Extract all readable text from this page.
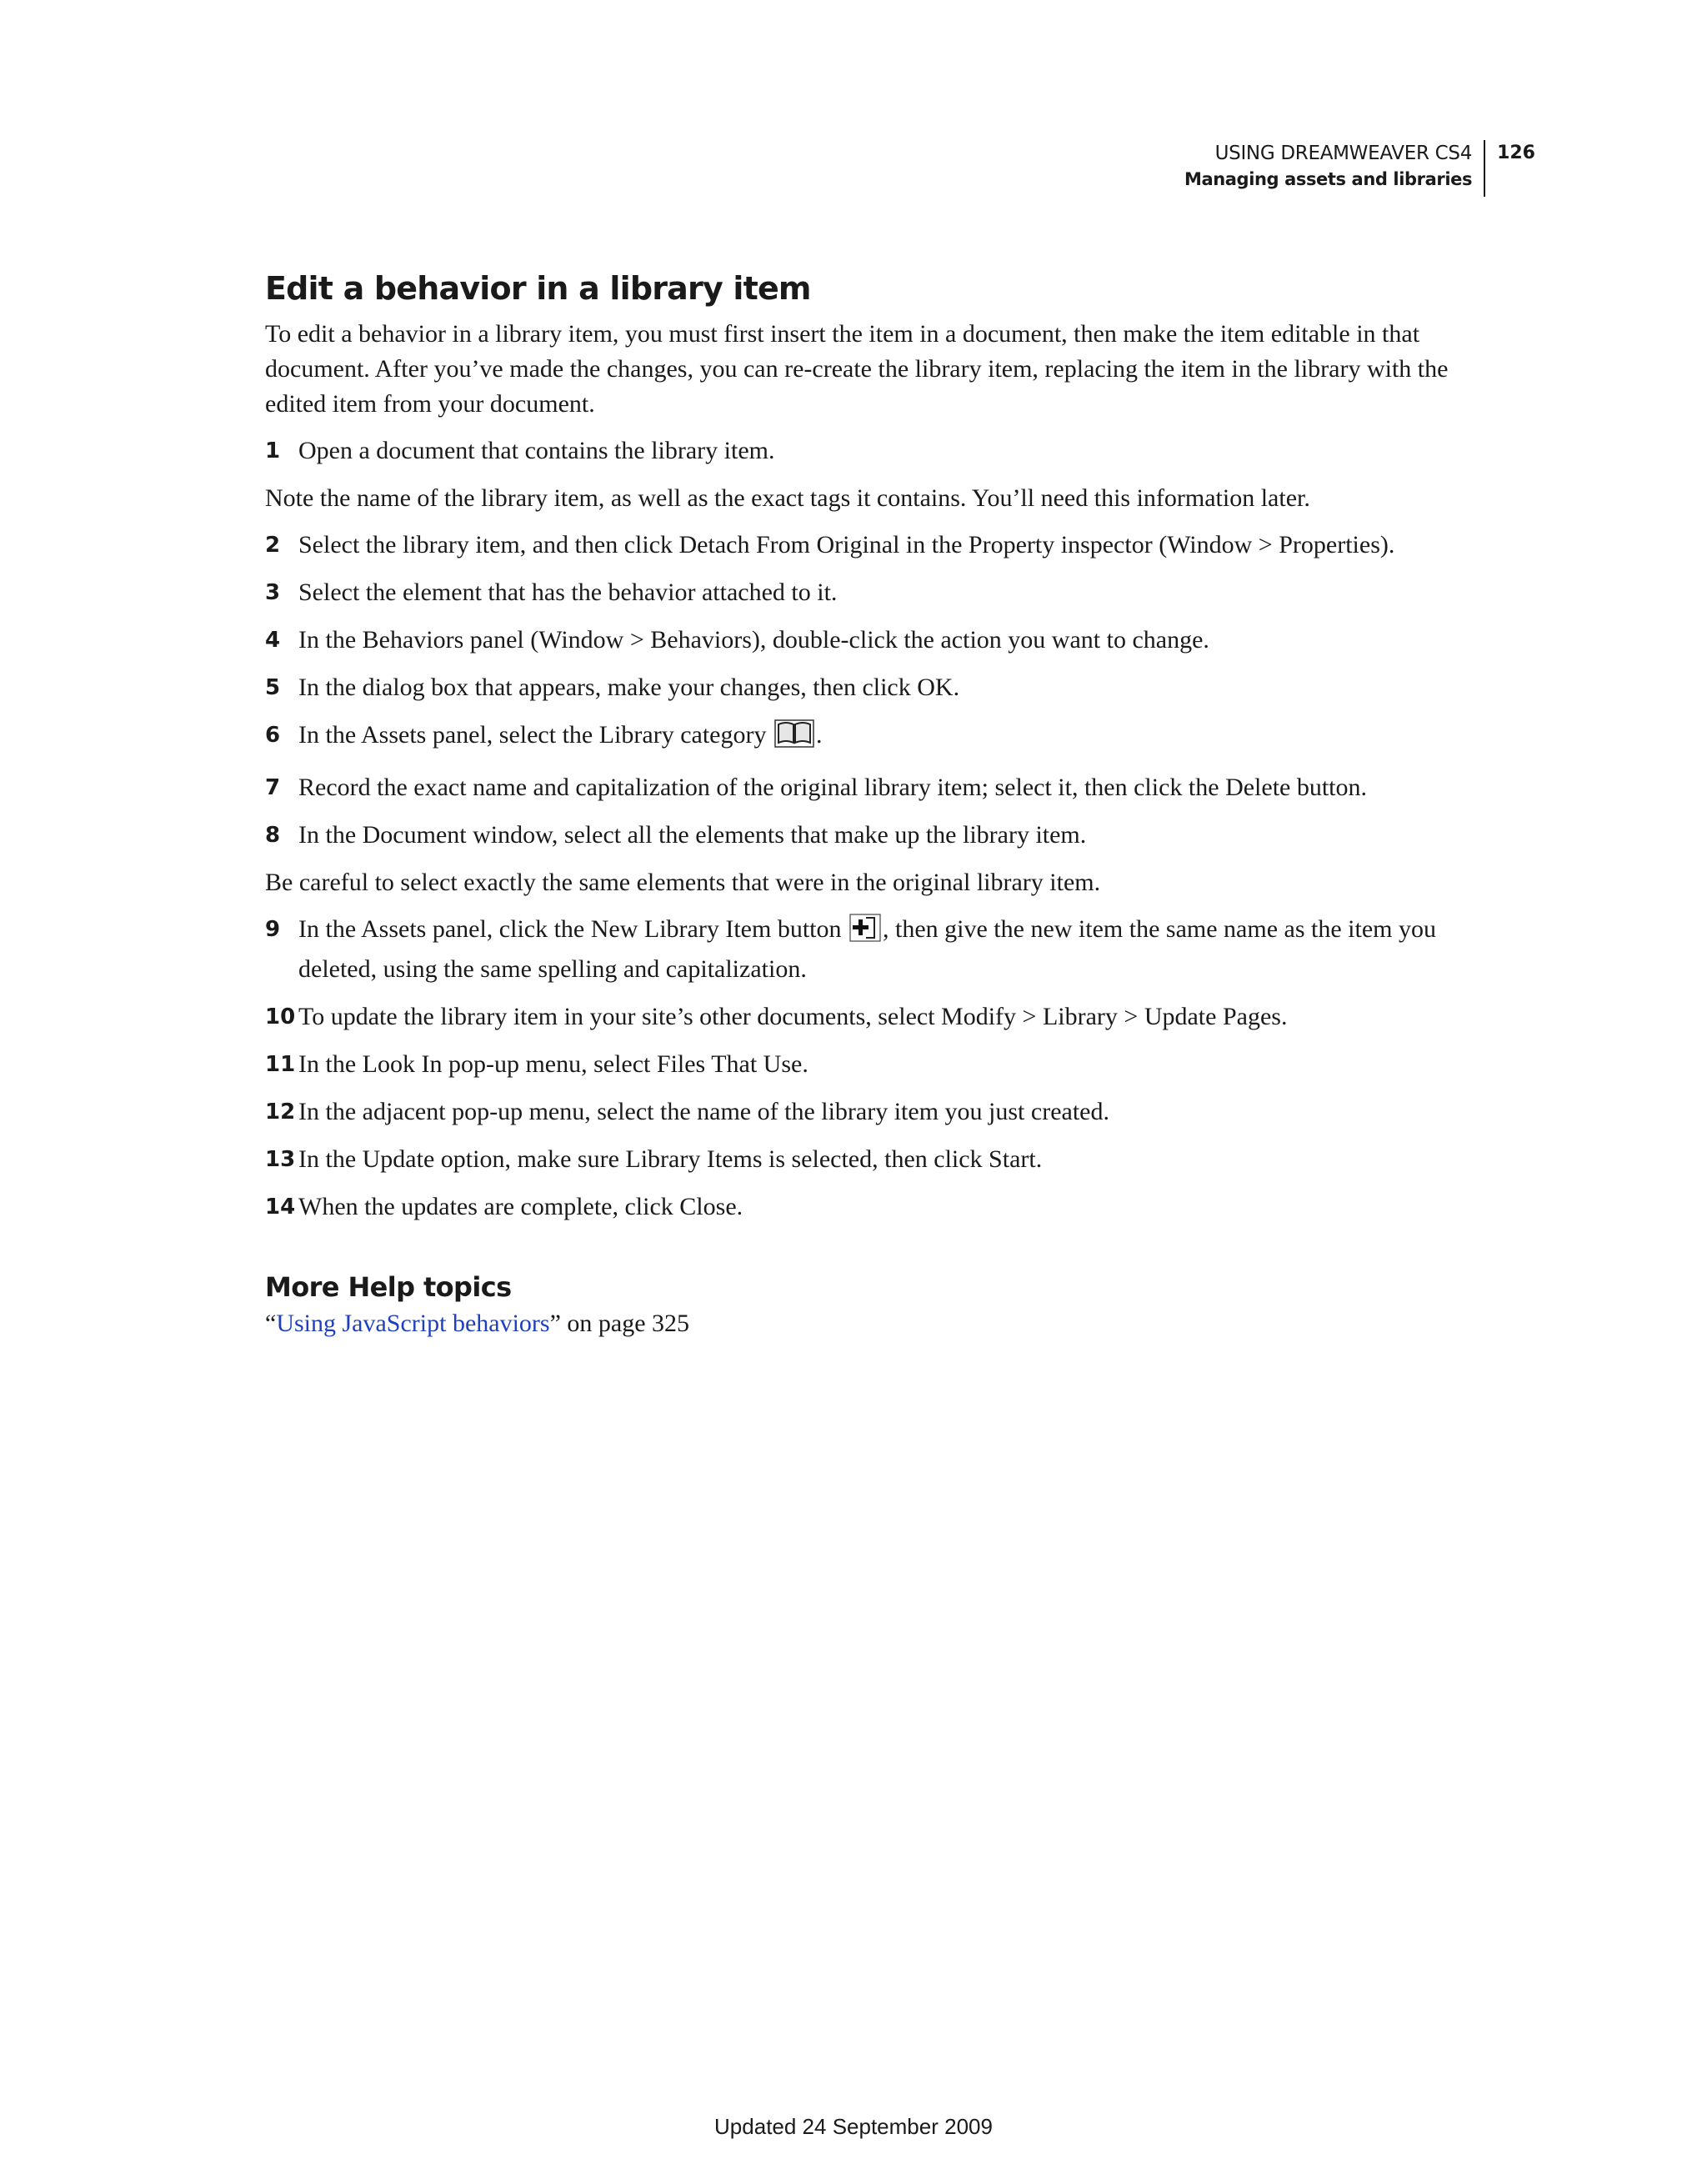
USING DREAMWEAVER CS4
Managing assets and libraries
126
Edit a behavior in a library item

To edit a behavior in a library item, you must first insert the item in a document, then make the item editable in that document. After you’ve made the changes, you can re-create the library item, replacing the item in the library with the edited item from your document.

1 Open a document that contains the library item.

Note the name of the library item, as well as the exact tags it contains. You’ll need this information later.

2 Select the library item, and then click Detach From Original in the Property inspector (Window > Properties).
3 Select the element that has the behavior attached to it.
4 In the Behaviors panel (Window > Behaviors), double-click the action you want to change.
5 In the dialog box that appears, make your changes, then click OK.
6 In the Assets panel, select the Library category .
7 Record the exact name and capitalization of the original library item; select it, then click the Delete button.
8 In the Document window, select all the elements that make up the library item.

Be careful to select exactly the same elements that were in the original library item.

9 In the Assets panel, click the New Library Item button , then give the new item the same name as the item you deleted, using the same spelling and capitalization.
10 To update the library item in your site’s other documents, select Modify > Library > Update Pages.
11 In the Look In pop-up menu, select Files That Use.
12 In the adjacent pop-up menu, select the name of the library item you just created.
13 In the Update option, make sure Library Items is selected, then click Start.
14 When the updates are complete, click Close.
More Help topics
“Using JavaScript behaviors” on page 325
Updated 24 September 2009
